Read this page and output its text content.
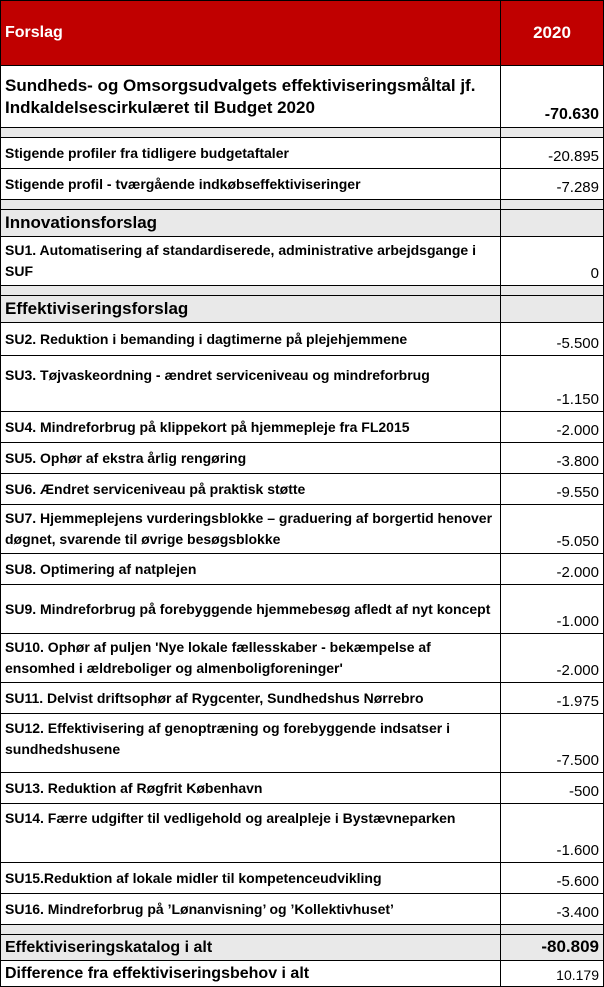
Forslag	2020
Sundheds- og Omsorgsudvalgets effektiviseringsmåltal jf. Indkaldelsescirkulæret til Budget 2020	-70.630

Stigende profiler fra tidligere budgetaftaler	-20.895
Stigende profil - tværgående indkøbseffektiviseringer	-7.289

Innovationsforslag	
SU1. Automatisering af standardiserede, administrative arbejdsgange i SUF	0

Effektiviseringsforslag	
SU2. Reduktion i bemanding i dagtimerne på plejehjemmene	-5.500
SU3. Tøjvaskeordning - ændret serviceniveau og mindreforbrug	-1.150
SU4. Mindreforbrug på klippekort på hjemmepleje fra FL2015	-2.000
SU5. Ophør af ekstra årlig rengøring	-3.800
SU6. Ændret serviceniveau på praktisk støtte	-9.550
SU7. Hjemmeplejens vurderingsblokke – graduering af borgertid henover døgnet, svarende til øvrige besøgsblokke	-5.050
SU8. Optimering af natplejen	-2.000
SU9. Mindreforbrug på forebyggende hjemmebesøg afledt af nyt koncept	-1.000
SU10. Ophør af puljen 'Nye lokale fællesskaber - bekæmpelse af ensomhed i ældreboliger og almenboligforeninger'	-2.000
SU11. Delvist driftsophør af Rygcenter, Sundhedshus Nørrebro	-1.975
SU12. Effektivisering af genoptræning og forebyggende indsatser i sundhedshusene	-7.500
SU13. Reduktion af Røgfrit København	-500
SU14. Færre udgifter til vedligehold og arealpleje i Bystævneparken	-1.600
SU15.Reduktion af lokale midler til kompetenceudvikling	-5.600
SU16. Mindreforbrug på ’Lønanvisning’ og ’Kollektivhuset’	-3.400

Effektiviseringskatalog i alt	-80.809
Difference fra effektiviseringsbehov i alt	10.179
